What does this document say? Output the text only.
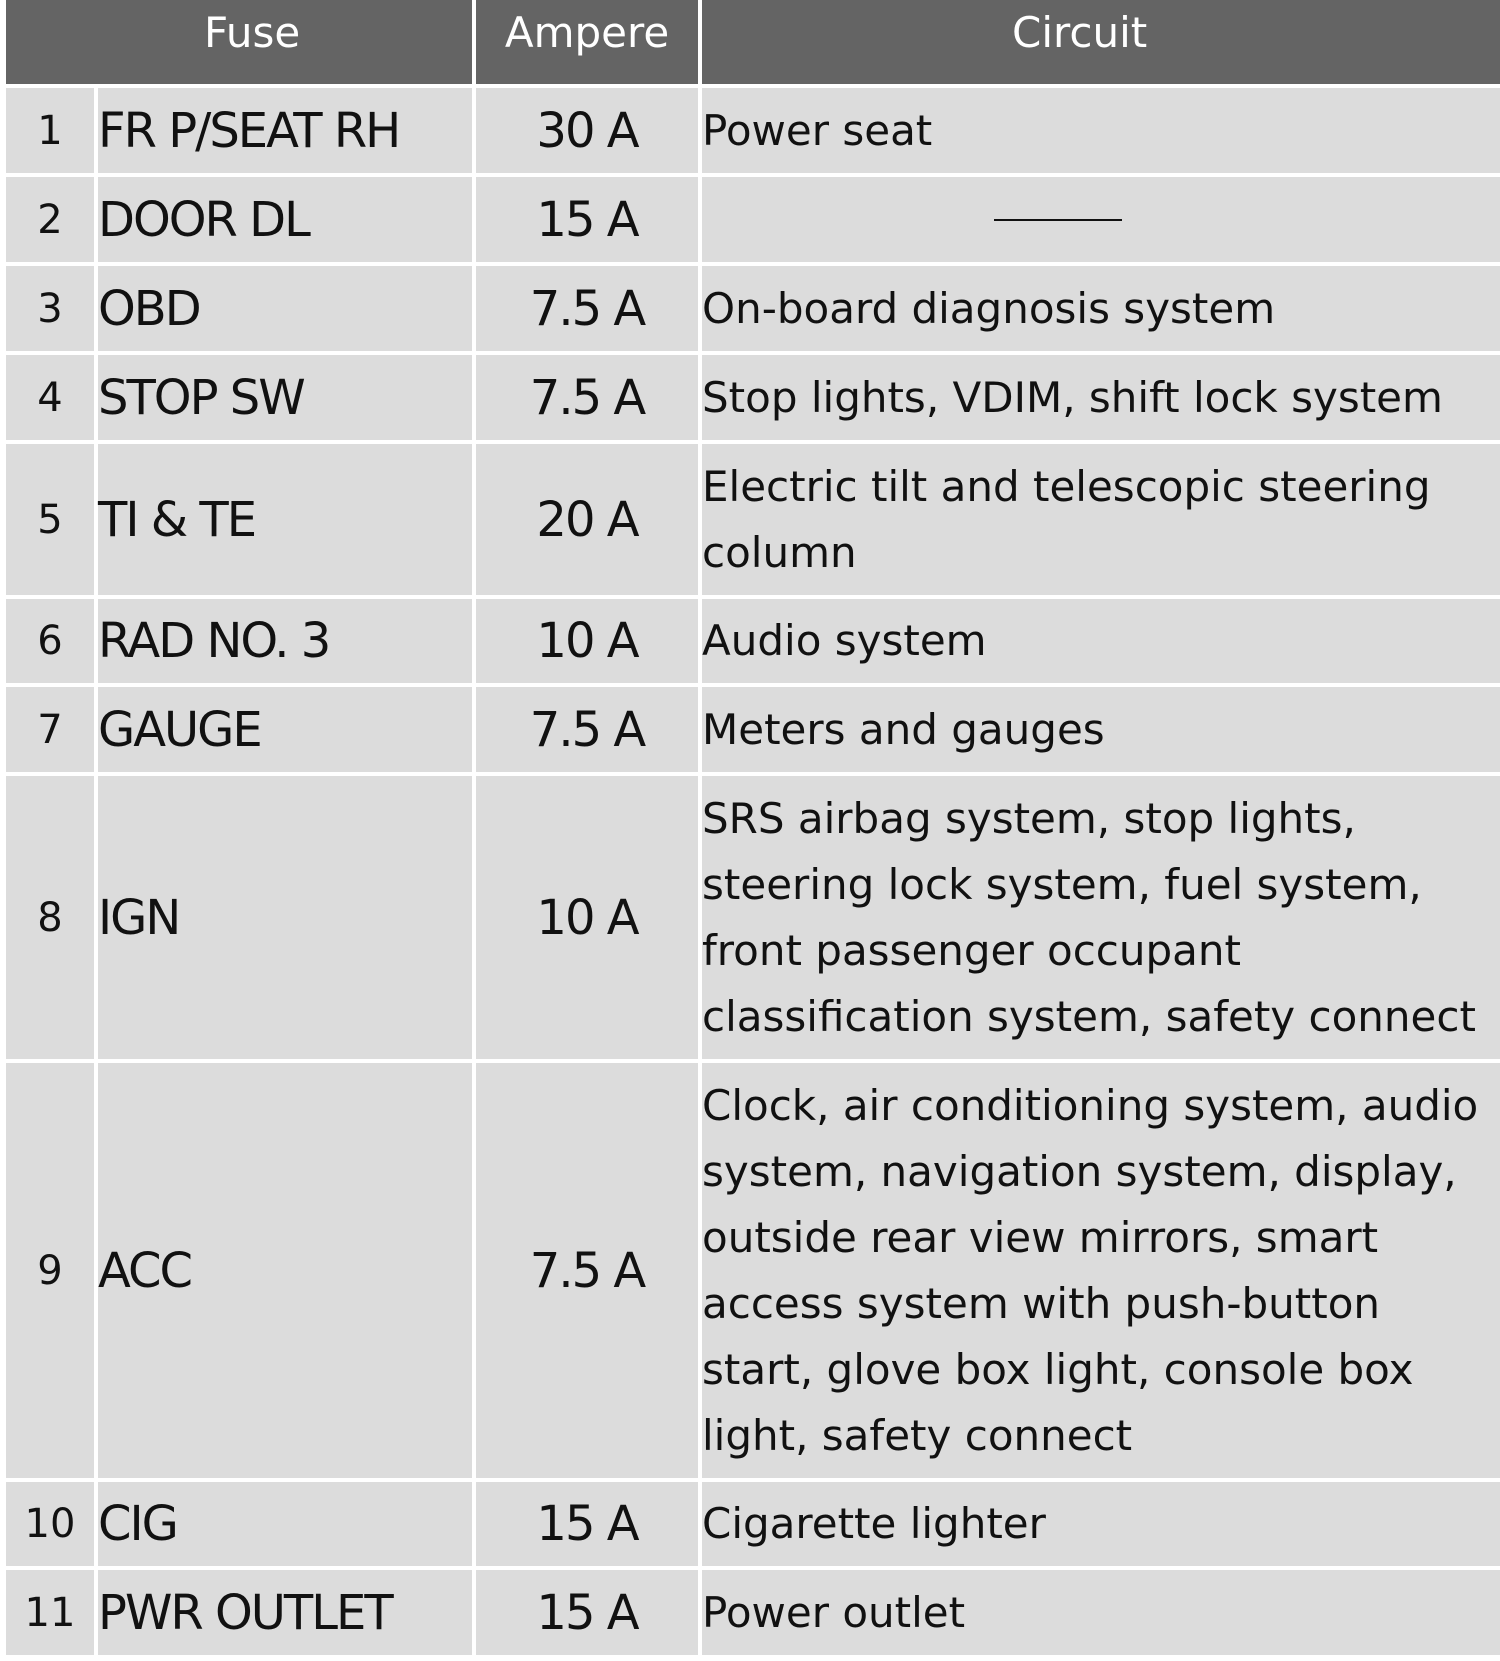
Fuse		Ampere	Circuit
1	FR P/SEAT RH	30 A	Power seat
2	DOOR DL	15 A	

3	OBD	7.5 A	On-board diagnosis system
4	STOP SW	7.5 A	Stop lights, VDIM, shift lock system
5	TI & TE	20 A	Electric tilt and telescopic steering column
6	RAD NO. 3	10 A	Audio system
7	GAUGE	7.5 A	Meters and gauges
8	IGN	10 A	SRS airbag system, stop lights, steering lock system, fuel system, front passenger occupant classification system, safety connect
9	ACC	7.5 A	Clock, air conditioning system, audio system, navigation system, display, outside rear view mirrors, smart access system with push-button start, glove box light, console box light, safety connect
10	CIG	15 A	Cigarette lighter
11	PWR OUTLET	15 A	Power outlet
